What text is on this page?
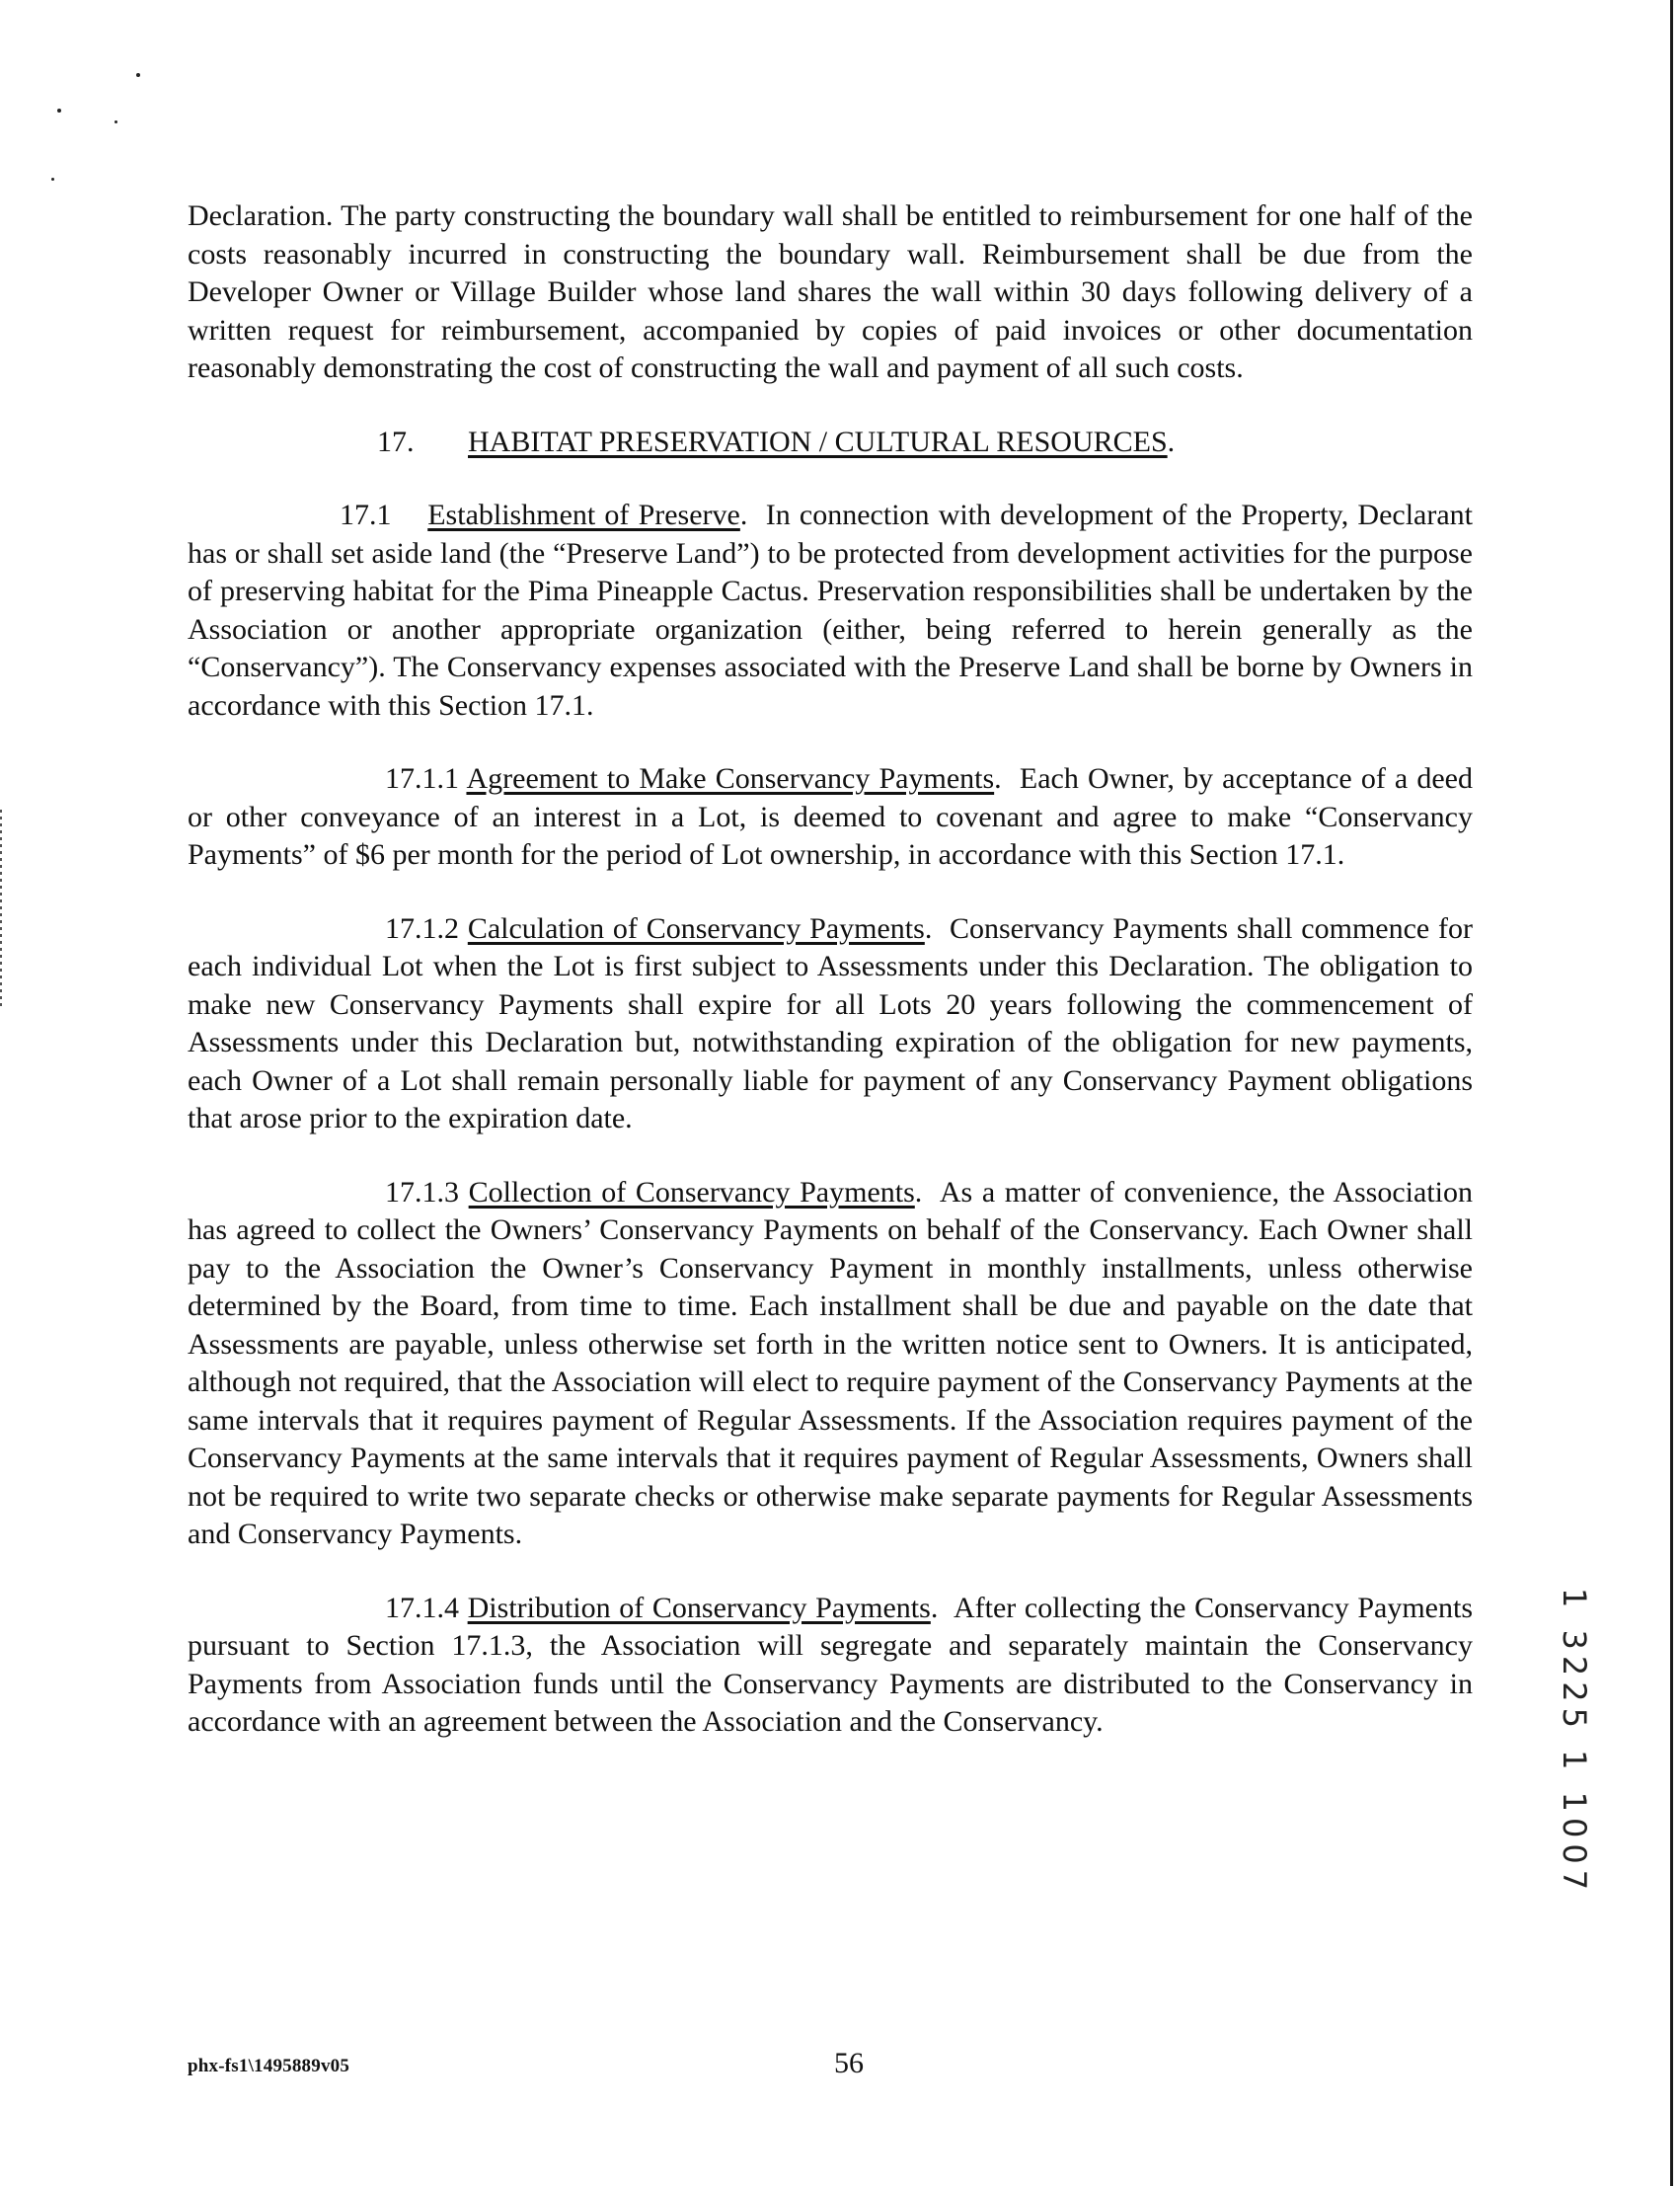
Declaration. The party constructing the boundary wall shall be entitled to reimbursement for one half of the costs reasonably incurred in constructing the boundary wall. Reimbursement shall be due from the Developer Owner or Village Builder whose land shares the wall within 30 days following delivery of a written request for reimbursement, accompanied by copies of paid invoices or other documentation reasonably demonstrating the cost of constructing the wall and payment of all such costs.

17. HABITAT PRESERVATION / CULTURAL RESOURCES.

17.1 Establishment of Preserve.  In connection with development of the Property, Declarant has or shall set aside land (the “Preserve Land”) to be protected from development activities for the purpose of preserving habitat for the Pima Pineapple Cactus. Preservation responsibilities shall be undertaken by the Association or another appropriate organization (either, being referred to herein generally as the “Conservancy”). The Conservancy expenses associated with the Preserve Land shall be borne by Owners in accordance with this Section 17.1.

17.1.1 Agreement to Make Conservancy Payments.  Each Owner, by acceptance of a deed or other conveyance of an interest in a Lot, is deemed to covenant and agree to make “Conservancy Payments” of $6 per month for the period of Lot ownership, in accordance with this Section 17.1.

17.1.2 Calculation of Conservancy Payments.  Conservancy Payments shall commence for each individual Lot when the Lot is first subject to Assessments under this Declaration. The obligation to make new Conservancy Payments shall expire for all Lots 20 years following the commencement of Assessments under this Declaration but, notwithstanding expiration of the obligation for new payments, each Owner of a Lot shall remain personally liable for payment of any Conservancy Payment obligations that arose prior to the expiration date.

17.1.3 Collection of Conservancy Payments.  As a matter of convenience, the Association has agreed to collect the Owners’ Conservancy Payments on behalf of the Conservancy. Each Owner shall pay to the Association the Owner’s Conservancy Payment in monthly installments, unless otherwise determined by the Board, from time to time. Each installment shall be due and payable on the date that Assessments are payable, unless otherwise set forth in the written notice sent to Owners. It is anticipated, although not required, that the Association will elect to require payment of the Conservancy Payments at the same intervals that it requires payment of Regular Assessments. If the Association requires payment of the Conservancy Payments at the same intervals that it requires payment of Regular Assessments, Owners shall not be required to write two separate checks or otherwise make separate payments for Regular Assessments and Conservancy Payments.

17.1.4 Distribution of Conservancy Payments.  After collecting the Conservancy Payments pursuant to Section 17.1.3, the Association will segregate and separately maintain the Conservancy Payments from Association funds until the Conservancy Payments are distributed to the Conservancy in accordance with an agreement between the Association and the Conservancy.

phx-fs1\1495889v05	56
1 3225 1 1007
